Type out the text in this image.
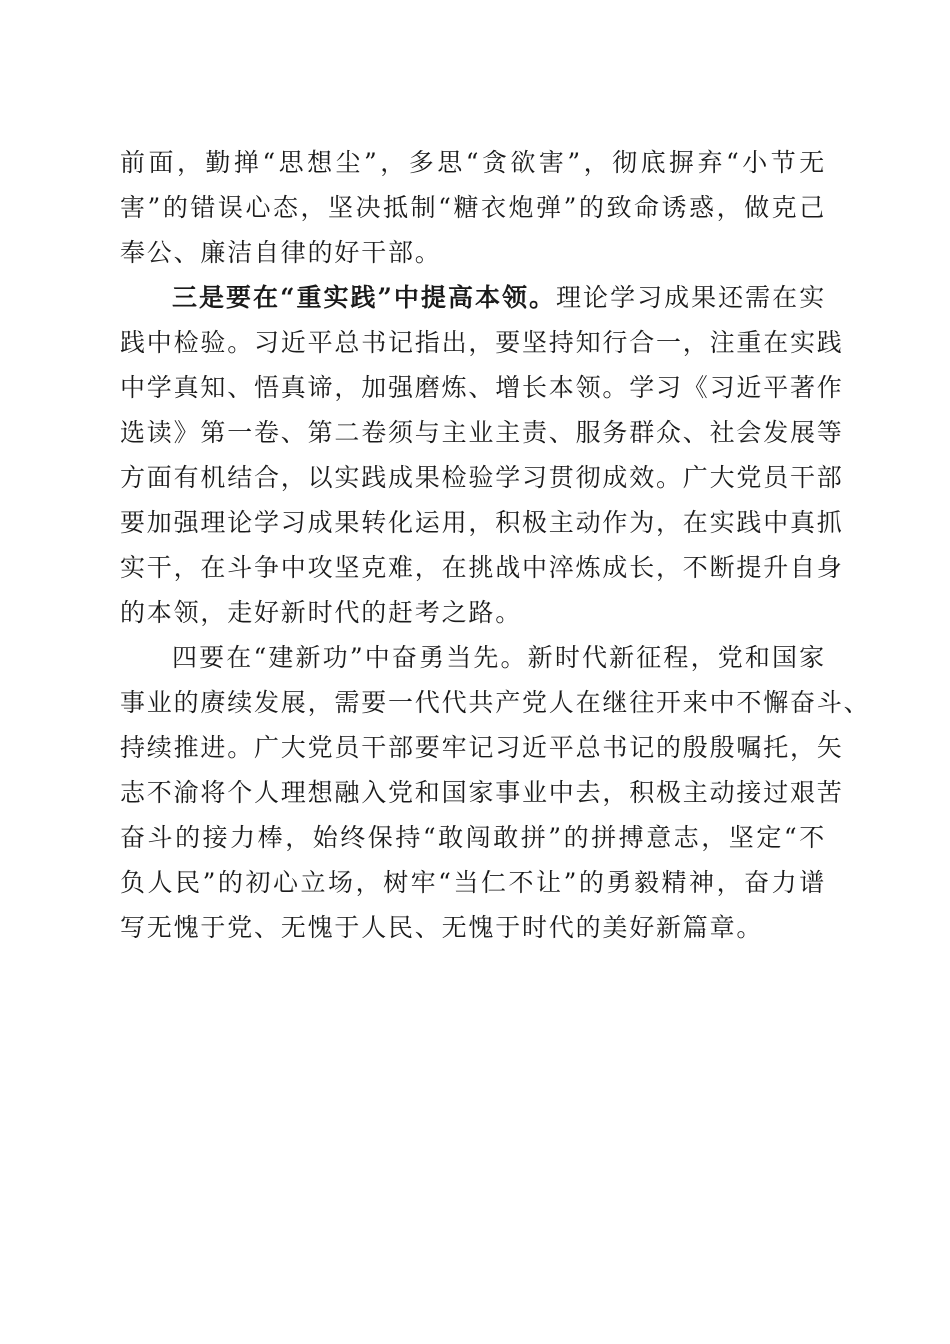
前面，勤掸“思想尘”，多思“贪欲害”，彻底摒弃“小节无
害”的错误心态，坚决抵制“糖衣炮弹”的致命诱惑，做克己
奉公、廉洁自律的好干部。

三是要在“重实践”中提高本领。理论学习成果还需在实
践中检验。习近平总书记指出，要坚持知行合一，注重在实践
中学真知、悟真谛，加强磨炼、增长本领。学习《习近平著作
选读》第一卷、第二卷须与主业主责、服务群众、社会发展等
方面有机结合，以实践成果检验学习贯彻成效。广大党员干部
要加强理论学习成果转化运用，积极主动作为，在实践中真抓
实干，在斗争中攻坚克难，在挑战中淬炼成长，不断提升自身
的本领，走好新时代的赶考之路。

四要在“建新功”中奋勇当先。新时代新征程，党和国家
事业的赓续发展，需要一代代共产党人在继往开来中不懈奋斗、
持续推进。广大党员干部要牢记习近平总书记的殷殷嘱托，矢
志不渝将个人理想融入党和国家事业中去，积极主动接过艰苦
奋斗的接力棒，始终保持“敢闯敢拼”的拼搏意志，坚定“不
负人民”的初心立场，树牢“当仁不让”的勇毅精神，奋力谱
写无愧于党、无愧于人民、无愧于时代的美好新篇章。
